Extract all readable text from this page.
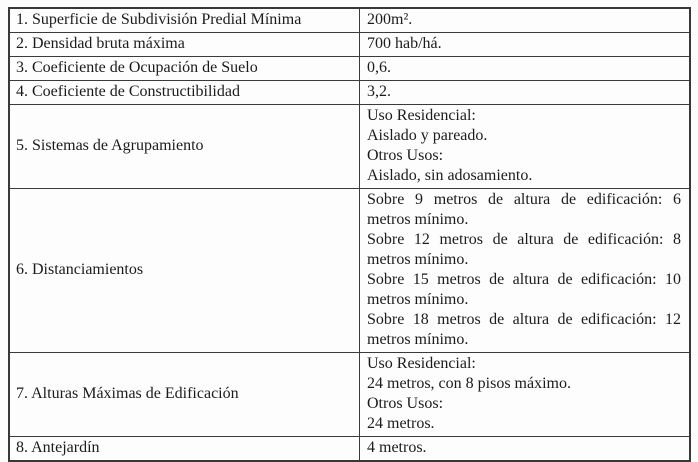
1. Superficie de Subdivisión Predial Mínima	200m².

2. Densidad bruta máxima	700 hab/há.

3. Coeficiente de Ocupación de Suelo	0,6.

4. Coeficiente de Constructibilidad	3,2.

5. Sistemas de Agrupamiento	Uso Residencial:
Aislado y pareado.
Otros Usos:
Aislado, sin adosamiento.

6. Distanciamientos	Sobre 9 metros de altura de edificación: 6 metros mínimo.
Sobre 12 metros de altura de edificación: 8 metros mínimo.
Sobre 15 metros de altura de edificación: 10 metros mínimo.
Sobre 18 metros de altura de edificación: 12 metros mínimo.

7. Alturas Máximas de Edificación	Uso Residencial:
24 metros, con 8 pisos máximo.
Otros Usos:
24 metros.

8. Antejardín	4 metros.
